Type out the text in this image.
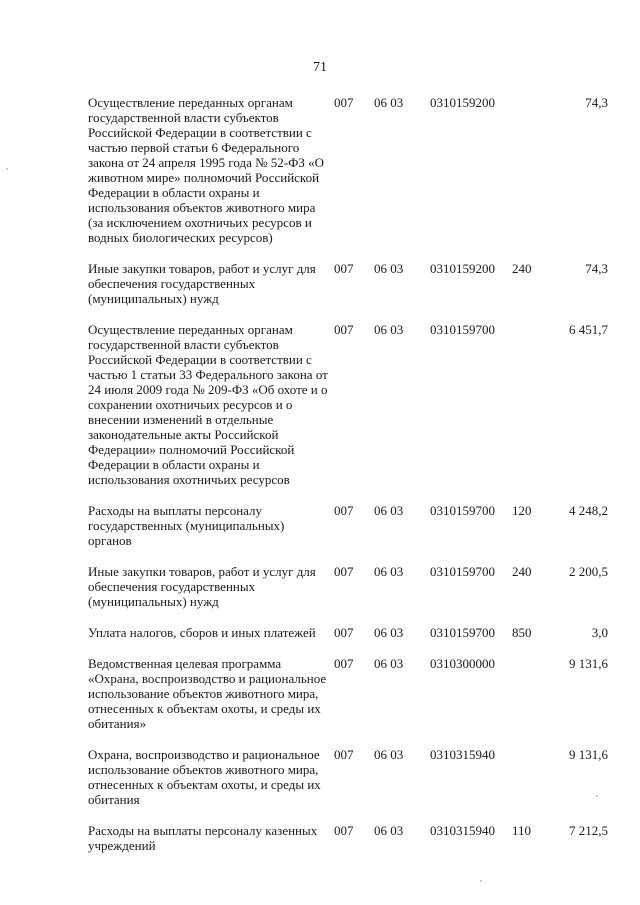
71
Осуществление переданных органам государственной власти субъектов Российской Федерации в соответствии с частью первой статьи 6 Федерального закона от 24 апреля 1995 года № 52-ФЗ «О животном мире» полномочий Российской Федерации в области охраны и использования объектов животного мира (за исключением охотничьих ресурсов и водных биологических ресурсов)	007	06 03	0310159200		74,3
Иные закупки товаров, работ и услуг для обеспечения государственных (муниципальных) нужд	007	06 03	0310159200	240	74,3
Осуществление переданных органам государственной власти субъектов Российской Федерации в соответствии с частью 1 статьи 33 Федерального закона от 24 июля 2009 года № 209-ФЗ «Об охоте и о сохранении охотничьих ресурсов и о внесении изменений в отдельные законодательные акты Российской Федерации» полномочий Российской Федерации в области охраны и использования охотничьих ресурсов	007	06 03	0310159700		6 451,7
Расходы на выплаты персоналу государственных (муниципальных) органов	007	06 03	0310159700	120	4 248,2
Иные закупки товаров, работ и услуг для обеспечения государственных (муниципальных) нужд	007	06 03	0310159700	240	2 200,5
Уплата налогов, сборов и иных платежей	007	06 03	0310159700	850	3,0
Ведомственная целевая программа «Охрана, воспроизводство и рациональное использование объектов животного мира, отнесенных к объектам охоты, и среды их обитания»	007	06 03	0310300000		9 131,6
Охрана, воспроизводство и рациональное использование объектов животного мира, отнесенных к объектам охоты, и среды их обитания	007	06 03	0310315940		9 131,6
Расходы на выплаты персоналу казенных учреждений	007	06 03	0310315940	110	7 212,5
